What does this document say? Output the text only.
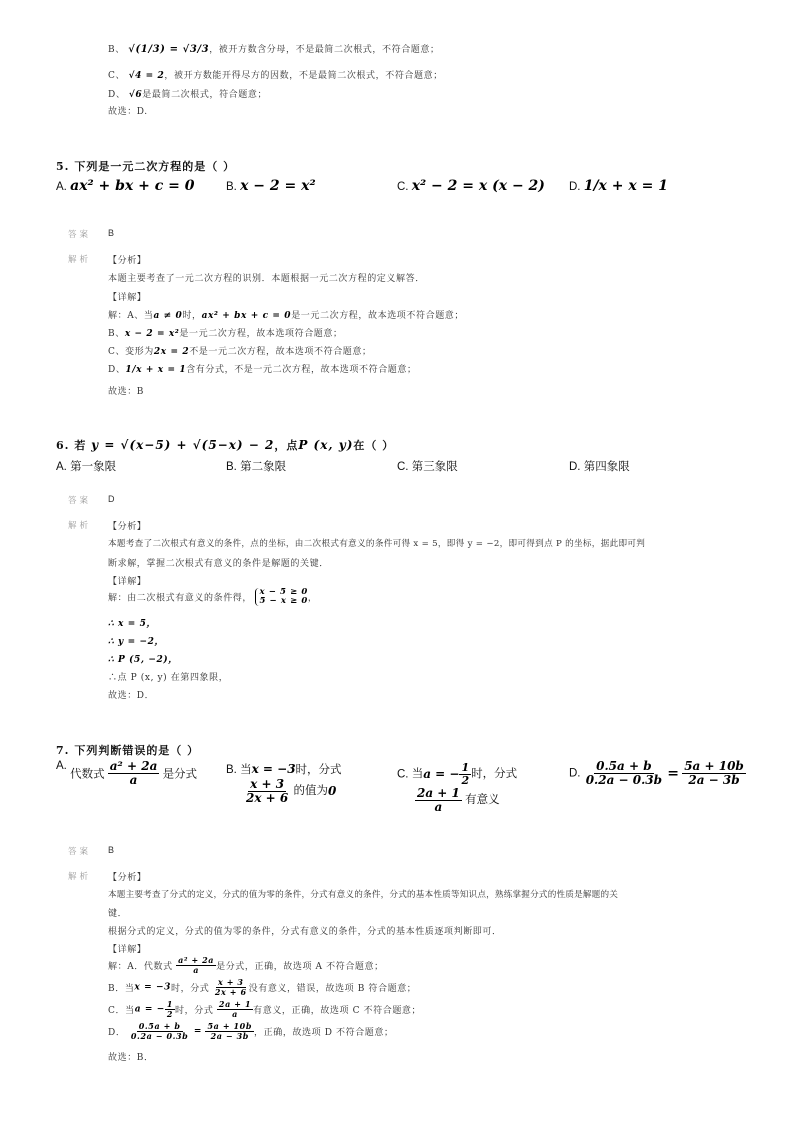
B、 √(1/3) = √3/3，被开方数含分母，不是最简二次根式，不符合题意；
C、 √4 = 2，被开方数能开得尽方的因数，不是最简二次根式，不符合题意；
D、 √6是最简二次根式，符合题意；
故选：D.
5. 下列是一元二次方程的是（ ）
A. ax² + bx + c = 0	B. x − 2 = x²	C. x² − 2 = x (x − 2) D. 1/x + x = 1
答案 B
解析 【分析】
本题主要考查了一元二次方程的识别．本题根据一元二次方程的定义解答．
【详解】
解：A、当a ≠ 0时，ax² + bx + c = 0是一元二次方程，故本选项不符合题意；
B、x − 2 = x²是一元二次方程，故本选项符合题意；
C、变形为2x = 2不是一元二次方程，故本选项不符合题意；
D、1/x + x = 1含有分式，不是一元二次方程，故本选项不符合题意；
故选：B
6. 若 y = √(x−5) + √(5−x) − 2，点P (x, y)在（ ）
A. 第一象限	B. 第二象限	C. 第三象限	D. 第四象限
答案 D
解析 【分析】
本题考查了二次根式有意义的条件，点的坐标，由二次根式有意义的条件可得 x = 5，即得 y = −2，即可得到点 P 的坐标，据此即可判
断求解，掌握二次根式有意义的条件是解题的关键．
【详解】
解：由二次根式有意义的条件得，
x − 5 ≥ 0
5 − x ≥ 0 ，
∴ x = 5，
∴ y = −2，
∴ P (5, −2)，
∴点 P (x, y) 在第四象限，
故选：D．
7. 下列判断错误的是（ ）
A. 代数式 $\frac{\text{a² + 2a}}{a}$ 是分式	B. 当x = −3时，分式
$\frac{x + 3}{2x + 6}$ 的值为0
C. 当a = − $\frac{1}{2}$ 时，分式
$\frac{2a + 1}{a}$ 有意义
D. $\frac{0.5a + b}{0.2a - 0.3b} = \frac{5a + 10b}{2a - 3b}$
答案 B
解析 【分析】
本题主要考查了分式的定义，分式的值为零的条件，分式有意义的条件，分式的基本性质等知识点，熟练掌握分式的性质是解题的关
键．
根据分式的定义，分式的值为零的条件，分式有意义的条件，分式的基本性质逐项判断即可．
【详解】
解：A．代数式 $\frac{\text{a² + 2a}}{a}$ 是分式，正确，故选项 A 不符合题意；
B．当x = −3时，分式 $\frac{x + 3}{2x + 6}$ 没有意义，错误，故选项 B 符合题意；
C．当a = − $\frac{1}{2}$ 时，分式 $\frac{2a + 1}{a}$ 有意义，正确，故选项 C 不符合题意；
D． $\frac{0.5a + b}{0.2a - 0.3b} = \frac{5a + 10b}{2a - 3b}$ ，正确，故选项 D 不符合题意；
故选：B．
